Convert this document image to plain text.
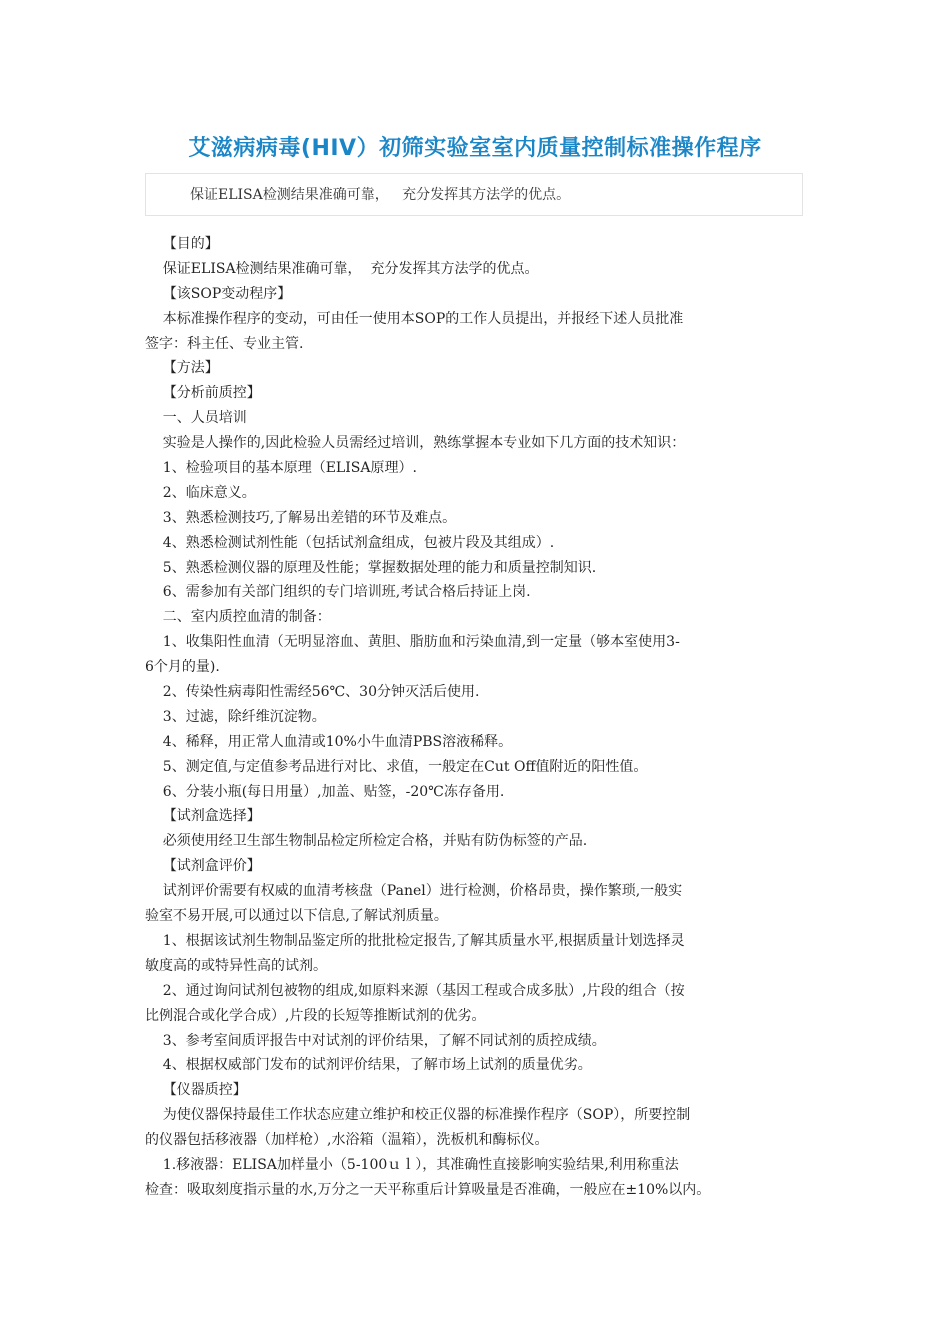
艾滋病病毒(HIV）初筛实验室室内质量控制标准操作程序
保证ELISA检测结果准确可靠，   充分发挥其方法学的优点。
【目的】
保证ELISA检测结果准确可靠，  充分发挥其方法学的优点。
【该SOP变动程序】
本标准操作程序的变动，可由任一使用本SOP的工作人员提出，并报经下述人员批准
签字：科主任、专业主管.
【方法】
【分析前质控】
一、人员培训
实验是人操作的,因此检验人员需经过培训，熟练掌握本专业如下几方面的技术知识：
1、检验项目的基本原理（ELISA原理）.
2、临床意义。
3、熟悉检测技巧,了解易出差错的环节及难点。
4、熟悉检测试剂性能（包括试剂盒组成，包被片段及其组成）.
5、熟悉检测仪器的原理及性能；掌握数据处理的能力和质量控制知识.
6、需参加有关部门组织的专门培训班,考试合格后持证上岗.
二、室内质控血清的制备：
1、收集阳性血清（无明显溶血、黄胆、脂肪血和污染血清,到一定量（够本室使用3-
6个月的量).
2、传染性病毒阳性需经56℃、30分钟灭活后使用.
3、过滤，除纤维沉淀物。
4、稀释，用正常人血清或10%小牛血清PBS溶液稀释。
5、测定值,与定值参考品进行对比、求值，一般定在Cut Off值附近的阳性值。
6、分装小瓶(每日用量）,加盖、贴签，-20℃冻存备用.
【试剂盒选择】
必须使用经卫生部生物制品检定所检定合格，并贴有防伪标签的产品.
【试剂盒评价】
试剂评价需要有权威的血清考核盘（Panel）进行检测，价格昂贵，操作繁琐,一般实
验室不易开展,可以通过以下信息,了解试剂质量。
1、根据该试剂生物制品鉴定所的批批检定报告,了解其质量水平,根据质量计划选择灵
敏度高的或特异性高的试剂。
2、通过询问试剂包被物的组成,如原料来源（基因工程或合成多肽）,片段的组合（按
比例混合或化学合成）,片段的长短等推断试剂的优劣。
3、参考室间质评报告中对试剂的评价结果，了解不同试剂的质控成绩。
4、根据权威部门发布的试剂评价结果，了解市场上试剂的质量优劣。
【仪器质控】
为使仪器保持最佳工作状态应建立维护和校正仪器的标准操作程序（SOP），所要控制
的仪器包括移液器（加样枪）,水浴箱（温箱），洗板机和酶标仪。
1.移液器：ELISA加样量小（5-100ｕｌ），其准确性直接影响实验结果,利用称重法
检查：吸取刻度指示量的水,万分之一天平称重后计算吸量是否准确，一般应在±10%以内。
